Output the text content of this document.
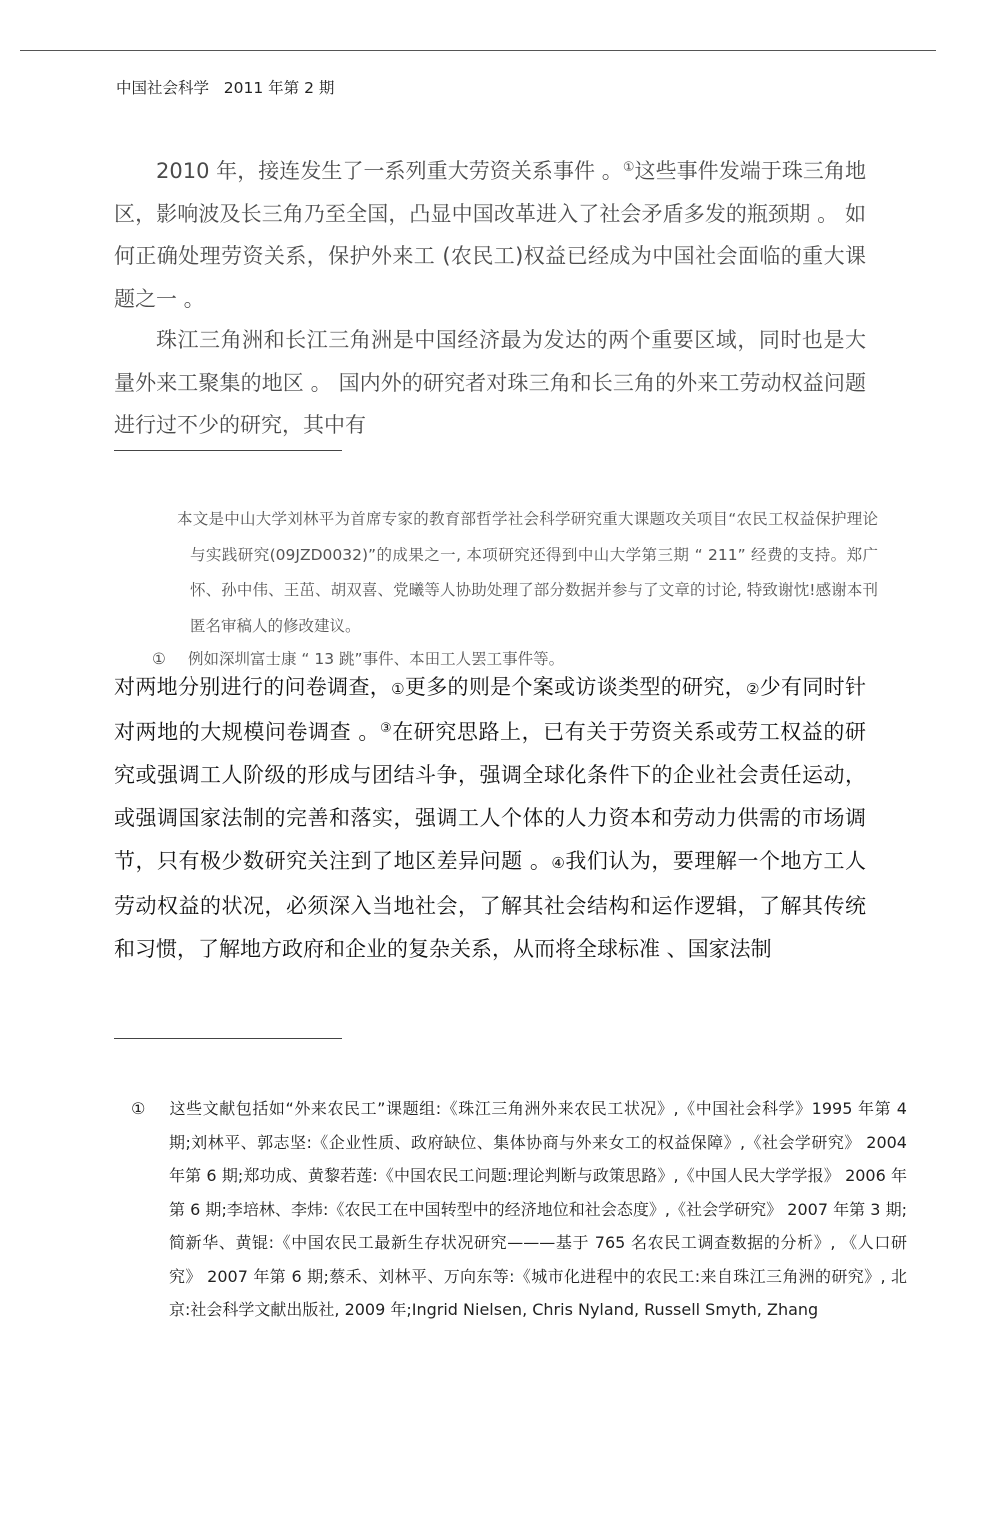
中国社会科学 2011 年第 2 期

2010 年，接连发生了一系列重大劳资关系事件 。①这些事件发端于珠三角地区，影响波及长三角乃至全国，凸显中国改革进入了社会矛盾多发的瓶颈期 。 如何正确处理劳资关系，保护外来工 (农民工)权益已经成为中国社会面临的重大课题之一 。

珠江三角洲和长江三角洲是中国经济最为发达的两个重要区域，同时也是大量外来工聚集的地区 。 国内外的研究者对珠三角和长三角的外来工劳动权益问题进行过不少的研究，其中有

本文是中山大学刘林平为首席专家的教育部哲学社会科学研究重大课题攻关项目“农民工权益保护理论与实践研究(09JZD0032)”的成果之一, 本项研究还得到中山大学第三期 “ 211” 经费的支持。郑广怀、孙中伟、王茁、胡双喜、党曦等人协助处理了部分数据并参与了文章的讨论, 特致谢忱!感谢本刊匿名审稿人的修改建议。

① 例如深圳富士康 “ 13 跳”事件、本田工人罢工事件等。

对两地分别进行的问卷调查，①更多的则是个案或访谈类型的研究，②少有同时针对两地的大规模问卷调查 。③在研究思路上，已有关于劳资关系或劳工权益的研究或强调工人阶级的形成与团结斗争，强调全球化条件下的企业社会责任运动，或强调国家法制的完善和落实，强调工人个体的人力资本和劳动力供需的市场调节，只有极少数研究关注到了地区差异问题 。④我们认为，要理解一个地方工人劳动权益的状况，必须深入当地社会，了解其社会结构和运作逻辑，了解其传统和习惯，了解地方政府和企业的复杂关系，从而将全球标准 、国家法制

① 这些文献包括如“外来农民工”课题组:《珠江三角洲外来农民工状况》,《中国社会科学》1995 年第 4 期;刘林平、郭志坚:《企业性质、政府缺位、集体协商与外来女工的权益保障》,《社会学研究》 2004 年第 6 期;郑功成、黄黎若莲:《中国农民工问题:理论判断与政策思路》,《中国人民大学学报》 2006 年第 6 期;李培林、李炜:《农民工在中国转型中的经济地位和社会态度》,《社会学研究》 2007 年第 3 期;简新华、黄锟:《中国农民工最新生存状况研究———基于 765 名农民工调查数据的分析》, 《人口研究》 2007 年第 6 期;蔡禾、刘林平、万向东等:《城市化进程中的农民工:来自珠江三角洲的研究》, 北京:社会科学文献出版社, 2009 年;Ingrid Nielsen, Chris Nyland, Russell Smyth, Zhang
